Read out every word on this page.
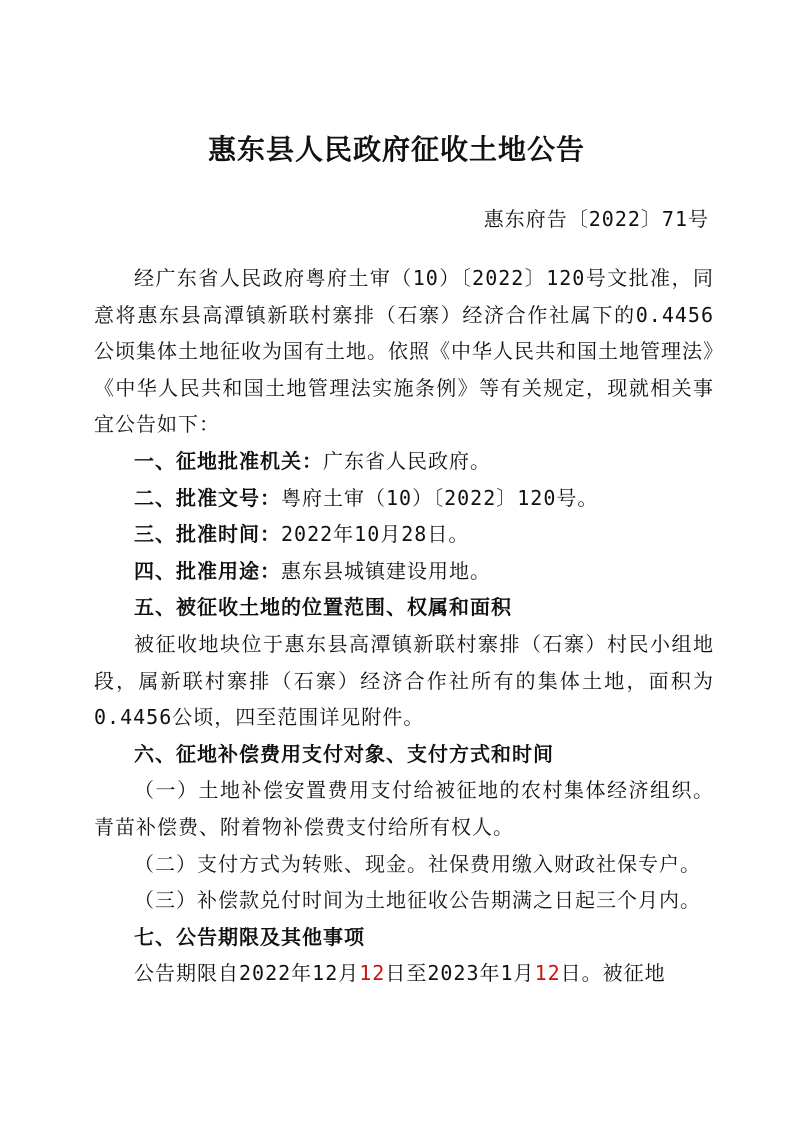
惠东县人民政府征收土地公告
惠东府告〔2022〕71号

经广东省人民政府粤府土审（10）〔2022〕120号文批准，同意将惠东县高潭镇新联村寨排（石寨）经济合作社属下的0.4456公顷集体土地征收为国有土地。依照《中华人民共和国土地管理法》《中华人民共和国土地管理法实施条例》等有关规定，现就相关事宜公告如下：

一、征地批准机关：广东省人民政府。

二、批准文号：粤府土审（10）〔2022〕120号。

三、批准时间：2022年10月28日。

四、批准用途：惠东县城镇建设用地。

五、被征收土地的位置范围、权属和面积

被征收地块位于惠东县高潭镇新联村寨排（石寨）村民小组地段，属新联村寨排（石寨）经济合作社所有的集体土地，面积为0.4456公顷，四至范围详见附件。

六、征地补偿费用支付对象、支付方式和时间

（一）土地补偿安置费用支付给被征地的农村集体经济组织。青苗补偿费、附着物补偿费支付给所有权人。

（二）支付方式为转账、现金。社保费用缴入财政社保专户。

（三）补偿款兑付时间为土地征收公告期满之日起三个月内。

七、公告期限及其他事项

公告期限自2022年12月12日至2023年1月12日。被征地
